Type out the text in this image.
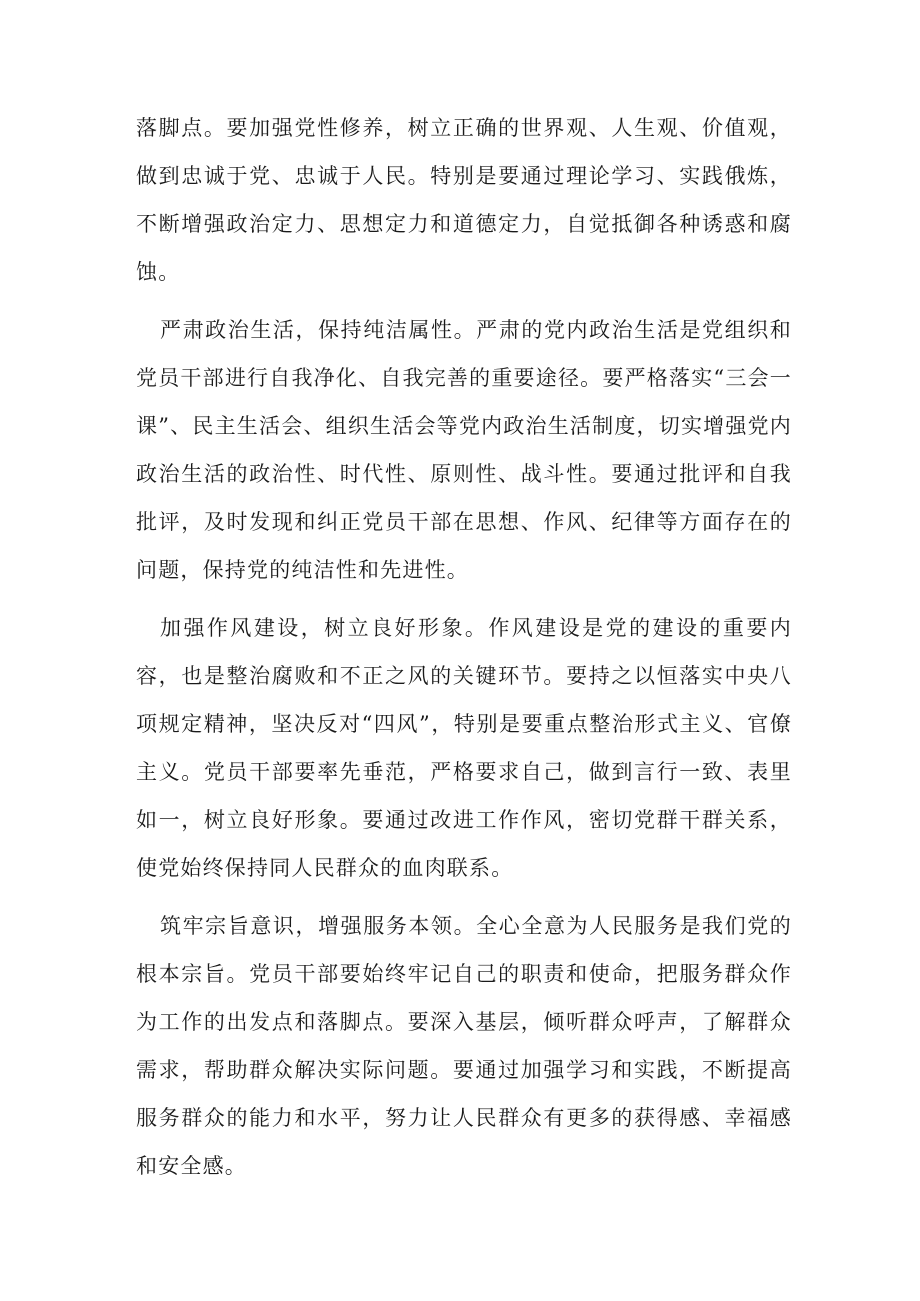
落脚点。要加强党性修养，树立正确的世界观、人生观、价值观，做到忠诚于党、忠诚于人民。特别是要通过理论学习、实践俄炼，不断增强政治定力、思想定力和道德定力，自觉抵御各种诱惑和腐蚀。

严肃政治生活，保持纯洁属性。严肃的党内政治生活是党组织和党员干部进行自我净化、自我完善的重要途径。要严格落实“三会一课”、民主生活会、组织生活会等党内政治生活制度，切实增强党内政治生活的政治性、时代性、原则性、战斗性。要通过批评和自我批评，及时发现和纠正党员干部在思想、作风、纪律等方面存在的问题，保持党的纯洁性和先进性。

加强作风建设，树立良好形象。作风建设是党的建设的重要内容，也是整治腐败和不正之风的关键环节。要持之以恒落实中央八项规定精神，坚决反对“四风”，特别是要重点整治形式主义、官僚主义。党员干部要率先垂范，严格要求自己，做到言行一致、表里如一，树立良好形象。要通过改进工作作风，密切党群干群关系，使党始终保持同人民群众的血肉联系。

筑牢宗旨意识，增强服务本领。全心全意为人民服务是我们党的根本宗旨。党员干部要始终牢记自己的职责和使命，把服务群众作为工作的出发点和落脚点。要深入基层，倾听群众呼声，了解群众需求，帮助群众解决实际问题。要通过加强学习和实践，不断提高服务群众的能力和水平，努力让人民群众有更多的获得感、幸福感和安全感。
